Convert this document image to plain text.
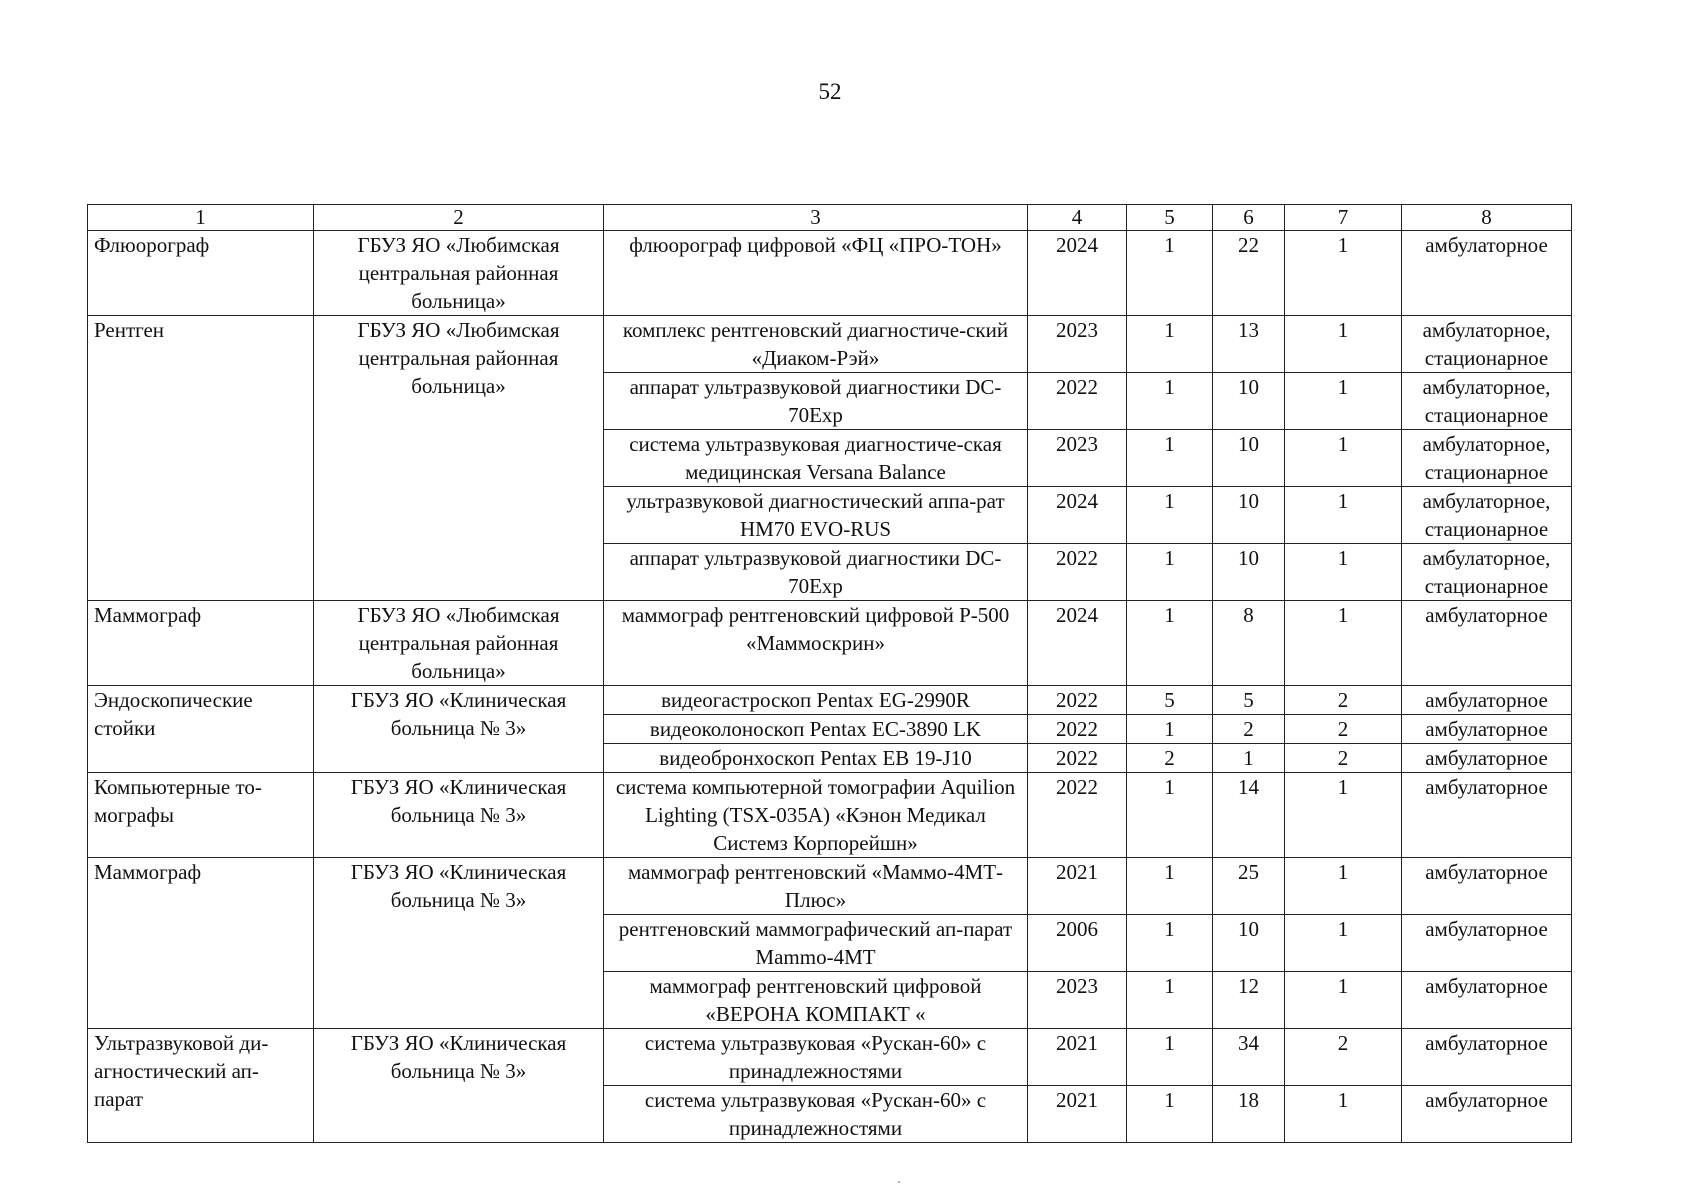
52
1	2	3	4	5	6	7	8
Флюорограф	ГБУЗ ЯО «Любимская центральная районная больница»	флюорограф цифровой «ФЦ «ПРО-ТОН»	2024	1	22	1	амбулаторное
Рентген	ГБУЗ ЯО «Любимская центральная районная больница»	комплекс рентгеновский диагностиче-ский «Диаком-Рэй»	2023	1	13	1	амбулаторное, стационарное
		аппарат ультразвуковой диагностики DC-70Exp	2022	1	10	1	амбулаторное, стационарное
		система ультразвуковая диагностиче-ская медицинская Versana Balance	2023	1	10	1	амбулаторное, стационарное
		ультразвуковой диагностический аппа-рат HM70 EVO-RUS	2024	1	10	1	амбулаторное, стационарное
		аппарат ультразвуковой диагностики DC-70Exp	2022	1	10	1	амбулаторное, стационарное
Маммограф	ГБУЗ ЯО «Любимская центральная районная больница»	маммограф рентгеновский цифровой P-500 «Маммоскрин»	2024	1	8	1	амбулаторное
Эндоскопические стойки	ГБУЗ ЯО «Клиническая больница № 3»	видеогастроскоп Pentax EG-2990R	2022	5	5	2	амбулаторное
		видеоколоноскоп Pentax EC-3890 LK	2022	1	2	2	амбулаторное
		видеобронхоскоп Pentax EB 19-J10	2022	2	1	2	амбулаторное
Компьютерные то-мографы	ГБУЗ ЯО «Клиническая больница № 3»	система компьютерной томографии Aquilion Lighting (TSX-035A) «Кэнон Медикал Системз Корпорейшн»	2022	1	14	1	амбулаторное
Маммограф	ГБУЗ ЯО «Клиническая больница № 3»	маммограф рентгеновский «Маммо-4МТ-Плюс»	2021	1	25	1	амбулаторное
		рентгеновский маммографический ап-парат Mammo-4MT	2006	1	10	1	амбулаторное
		маммограф рентгеновский цифровой «ВЕРОНА КОМПАКТ «	2023	1	12	1	амбулаторное
Ультразвуковой ди-агностический ап-парат	ГБУЗ ЯО «Клиническая больница № 3»	система ультразвуковая «Рускан-60» с принадлежностями	2021	1	34	2	амбулаторное
		система ультразвуковая «Рускан-60» с принадлежностями	2021	1	18	1	амбулаторное
